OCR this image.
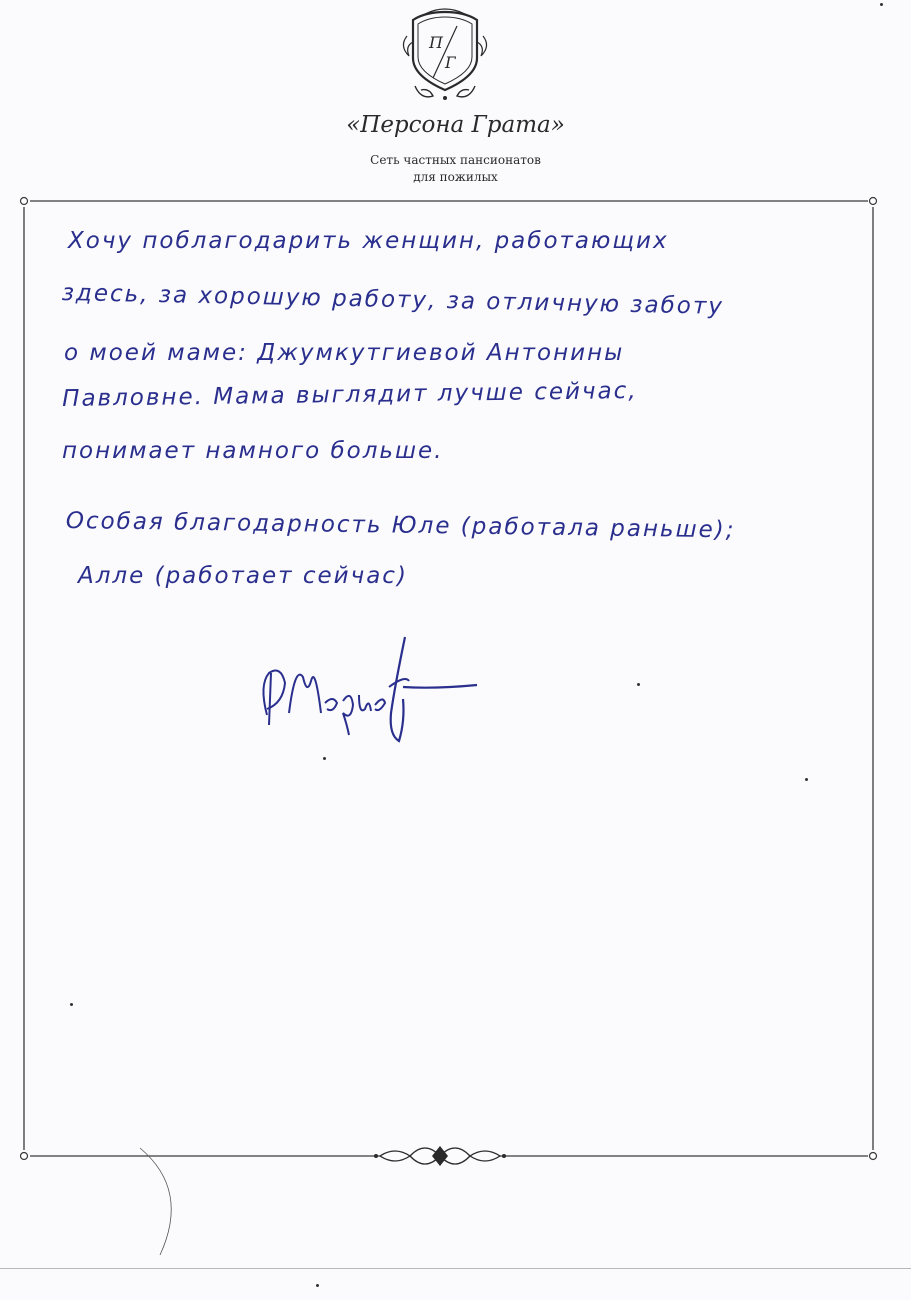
П
Г
«Персона Грата»
Сеть частных пансионатов
для пожилых
Хочу поблагодарить женщин, работающих
здесь, за хорошую работу, за отличную заботу
о моей маме: Джумкутгиевой Антонины
Павловне. Мама выглядит лучше сейчас,
понимает намного больше.
Особая благодарность Юле (работала раньше);
Алле (работает сейчас)
